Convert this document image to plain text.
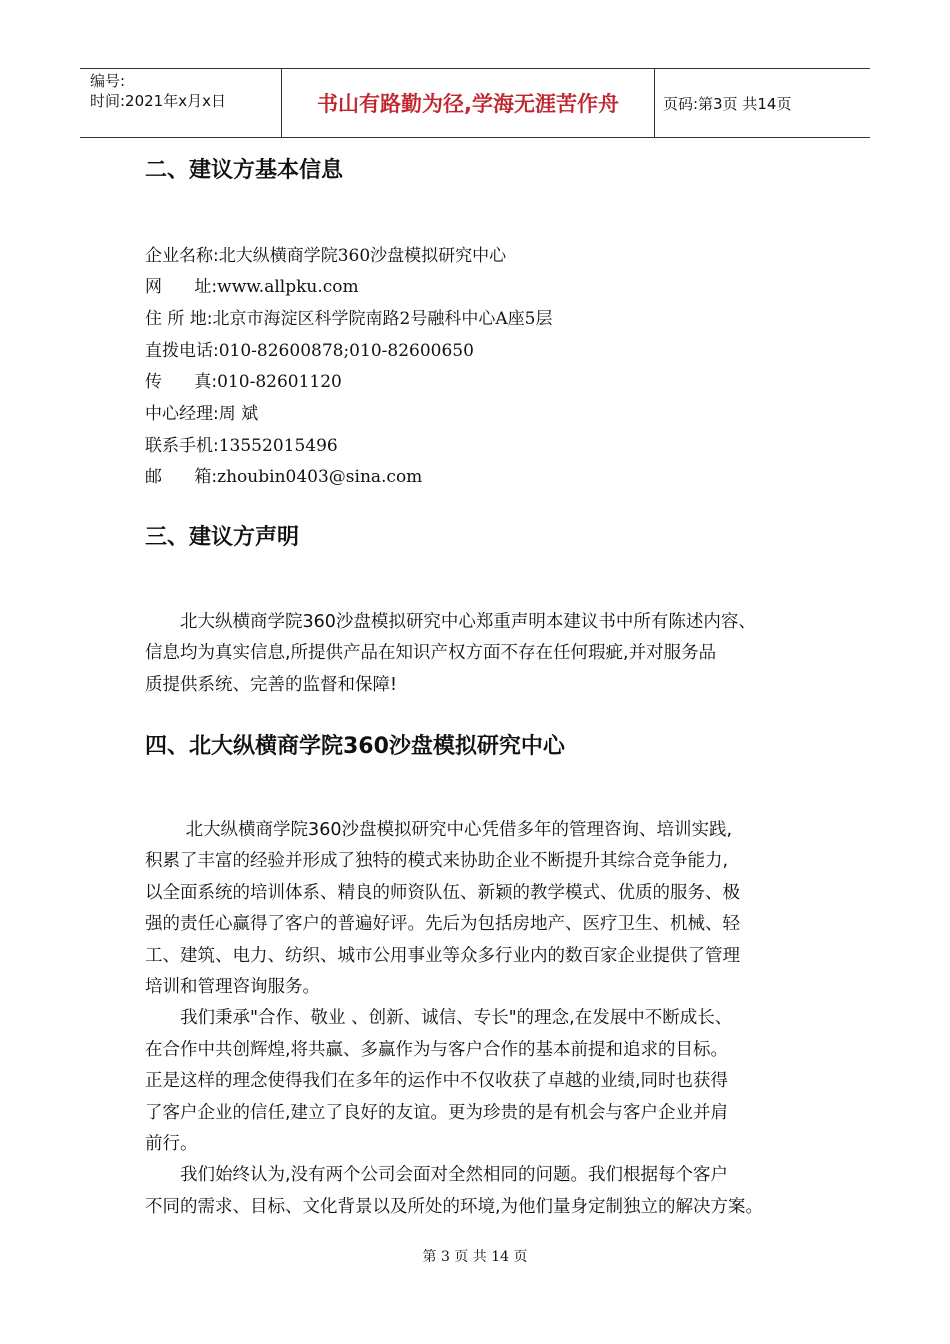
编号:
时间:2021年x月x日	书山有路勤为径,学海无涯苦作舟	页码:第3页 共14页
二、建议方基本信息
企业名称:北大纵横商学院360沙盘模拟研究中心
网      址:www.allpku.com
住 所 地:北京市海淀区科学院南路2号融科中心A座5层
直拨电话:010-82600878;010-82600650
传      真:010-82601120
中心经理:周 斌
联系手机:13552015496
邮      箱:zhoubin0403@sina.com
三、建议方声明

　　北大纵横商学院360沙盘模拟研究中心郑重声明本建议书中所有陈述内容、

信息均为真实信息,所提供产品在知识产权方面不存在任何瑕疵,并对服务品

质提供系统、完善的监督和保障!

四、北大纵横商学院360沙盘模拟研究中心

　　 北大纵横商学院360沙盘模拟研究中心凭借多年的管理咨询、培训实践,

积累了丰富的经验并形成了独特的模式来协助企业不断提升其综合竞争能力,

以全面系统的培训体系、精良的师资队伍、新颖的教学模式、优质的服务、极

强的责任心赢得了客户的普遍好评。先后为包括房地产、医疗卫生、机械、轻

工、建筑、电力、纺织、城市公用事业等众多行业内的数百家企业提供了管理

培训和管理咨询服务。

　　我们秉承"合作、敬业 、创新、诚信、专长"的理念,在发展中不断成长、

在合作中共创辉煌,将共赢、多赢作为与客户合作的基本前提和追求的目标。

正是这样的理念使得我们在多年的运作中不仅收获了卓越的业绩,同时也获得

了客户企业的信任,建立了良好的友谊。更为珍贵的是有机会与客户企业并肩

前行。

　　我们始终认为,没有两个公司会面对全然相同的问题。我们根据每个客户

不同的需求、目标、文化背景以及所处的环境,为他们量身定制独立的解决方案。

第 3 页 共 14 页
